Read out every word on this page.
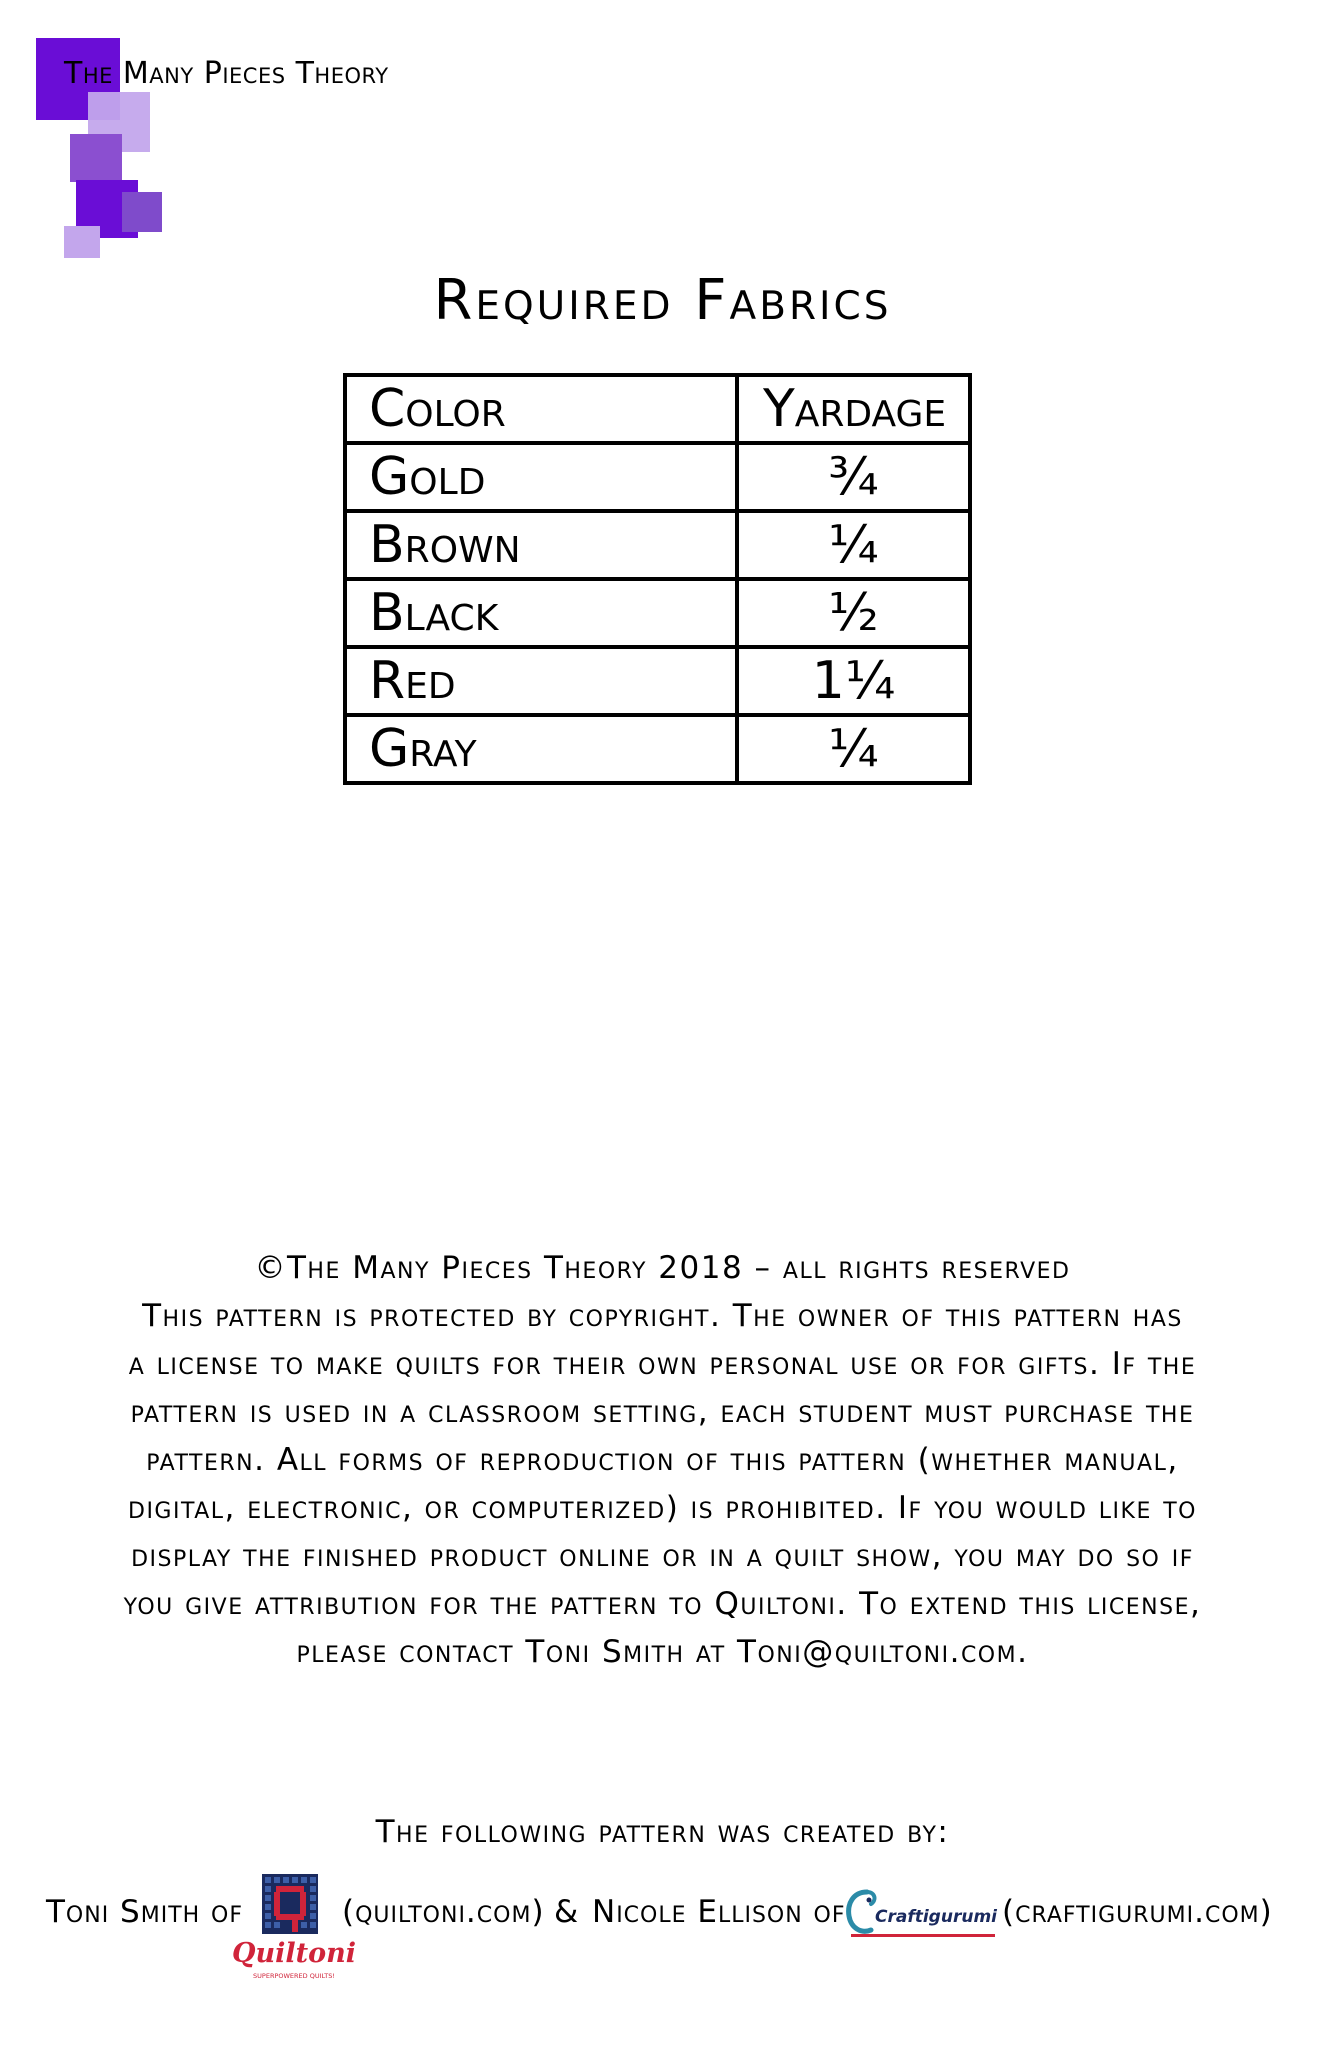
The Many Pieces Theory
Required Fabrics
Color	Yardage
Gold	¾
Brown	¼
Black	½
Red	1¼
Gray	¼

©The Many Pieces Theory 2018 – all rights reserved

This pattern is protected by copyright. The owner of this pattern has

a license to make quilts for their own personal use or for gifts. If the

pattern is used in a classroom setting, each student must purchase the

pattern. All forms of reproduction of this pattern (whether manual,

digital, electronic, or computerized) is prohibited. If you would like to

display the finished product online or in a quilt show, you may do so if

you give attribution for the pattern to Quiltoni. To extend this license,

please contact Toni Smith at Toni@quiltoni.com.

The following pattern was created by:
Toni Smith of	(quiltoni.com) & Nicole Ellison of	(craftigurumi.com)
Quiltoni
SUPERPOWERED QUILTS!
Craftigurumi
